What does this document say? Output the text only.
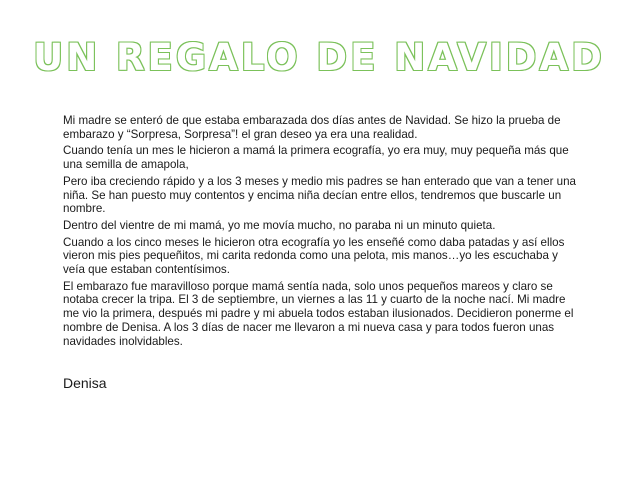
UN REGALO DE NAVIDAD

Mi madre se enteró de que estaba embarazada dos días antes de Navidad. Se hizo la prueba de embarazo y “Sorpresa, Sorpresa”! el gran deseo ya era una realidad.

Cuando tenía un mes le hicieron a mamá la primera ecografía, yo era muy, muy pequeña más que una semilla de amapola,

Pero iba creciendo rápido y a los 3 meses y medio mis padres se han enterado que van a tener una niña. Se han puesto muy contentos y encima niña decían entre ellos, tendremos que buscarle un nombre.

Dentro del vientre de mi mamá, yo me movía mucho, no paraba ni un minuto quieta.

Cuando a los cinco meses le hicieron otra ecografía yo les enseñé como daba patadas y así ellos vieron mis pies pequeñitos, mi carita redonda como una pelota, mis manos…yo les escuchaba y veía que estaban contentísimos.

El embarazo fue maravilloso porque mamá sentía nada, solo unos pequeños mareos y claro se notaba crecer la tripa. El 3 de septiembre, un viernes a las 11 y cuarto de la noche nací. Mi madre me vio la primera, después mi padre y mi abuela todos estaban ilusionados. Decidieron ponerme el nombre de Denisa. A los 3 días de nacer me llevaron a mi nueva casa y para todos fueron unas navidades inolvidables.

Denisa
